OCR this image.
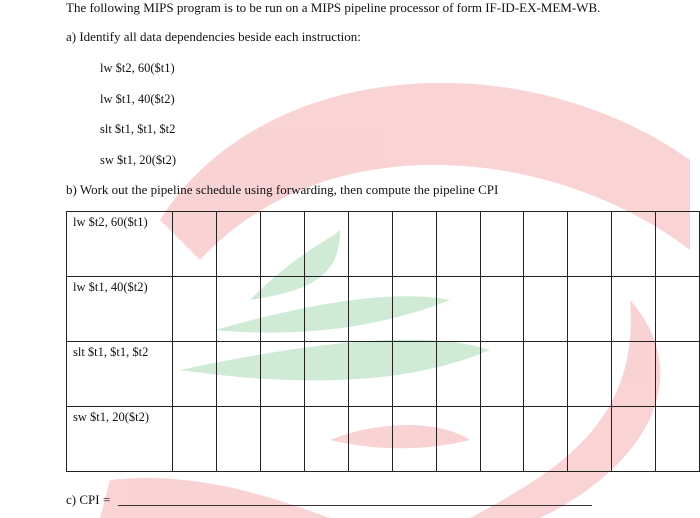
The following MIPS program is to be run on a MIPS pipeline processor of form IF-ID-EX-MEM-WB.
a) Identify all data dependencies beside each instruction:
lw $t2, 60($t1)
lw $t1, 40($t2)
slt $t1, $t1, $t2
sw $t1, 20($t2)
b) Work out the pipeline schedule using forwarding, then compute the pipeline CPI
lw $t2, 60($t1)												
lw $t1, 40($t2)												
slt $t1, $t1, $t2												
sw $t1, 20($t2)												
c) CPI =
